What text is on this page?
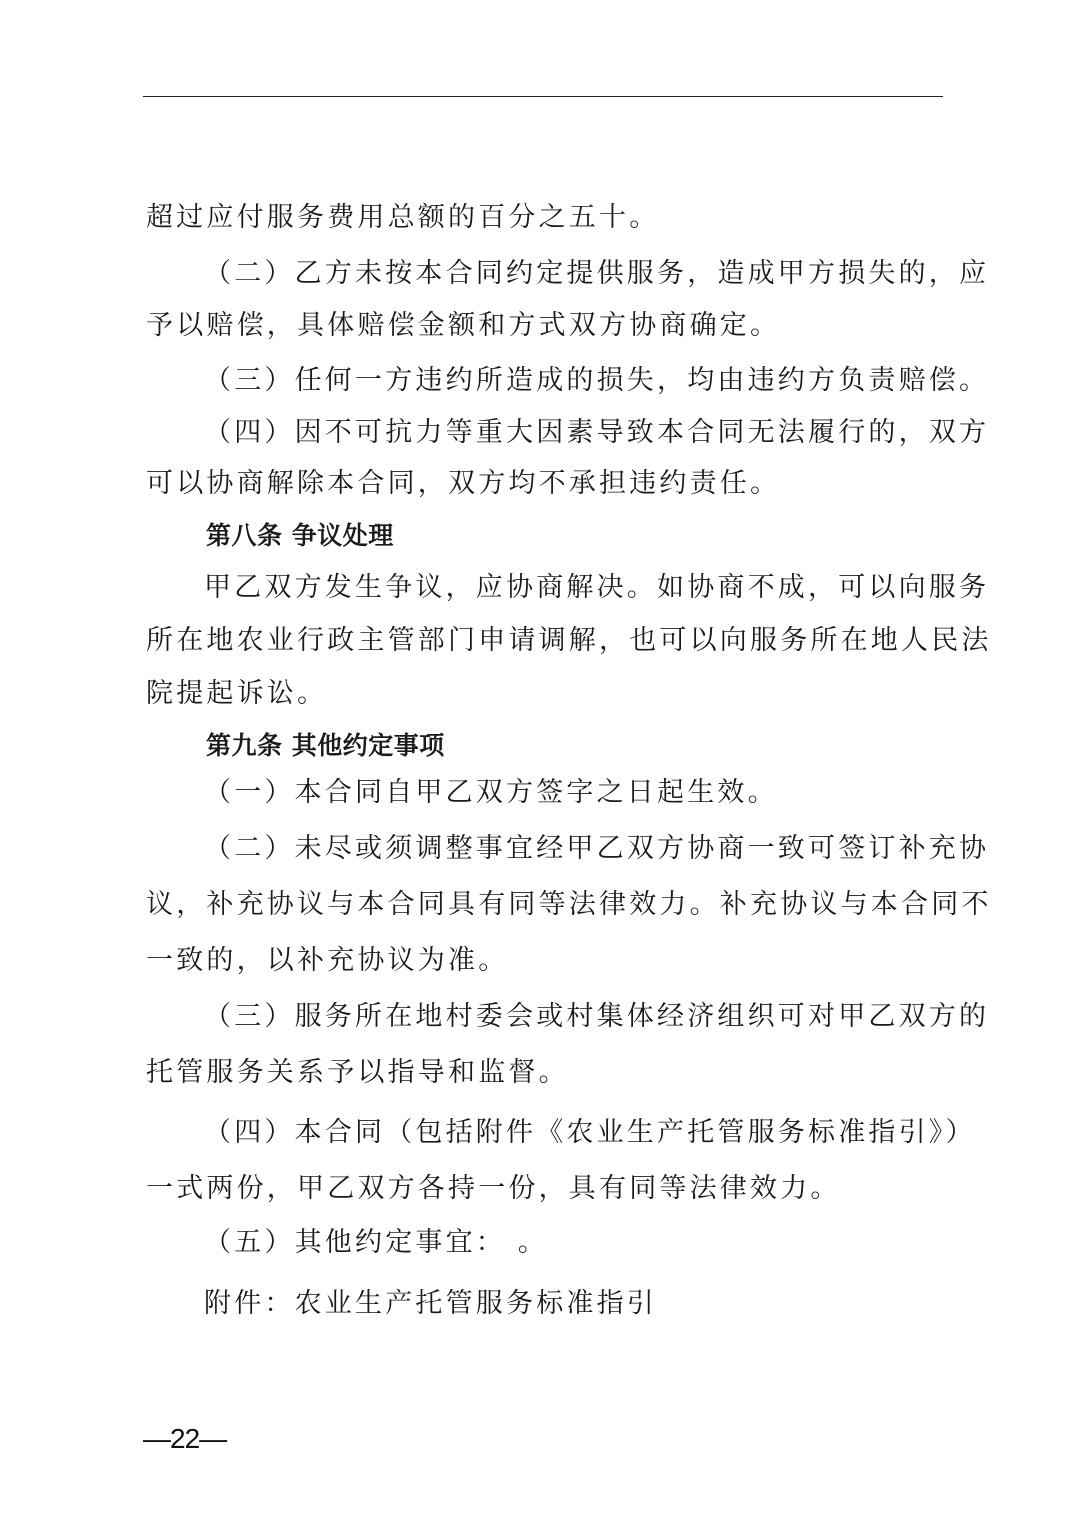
超过应付服务费用总额的百分之五十。
（二）乙方未按本合同约定提供服务，造成甲方损失的，应
予以赔偿，具体赔偿金额和方式双方协商确定。
（三）任何一方违约所造成的损失，均由违约方负责赔偿。
（四）因不可抗力等重大因素导致本合同无法履行的，双方
可以协商解除本合同，双方均不承担违约责任。
第八条 争议处理
甲乙双方发生争议，应协商解决。如协商不成，可以向服务
所在地农业行政主管部门申请调解，也可以向服务所在地人民法
院提起诉讼。
第九条 其他约定事项
（一）本合同自甲乙双方签字之日起生效。
（二）未尽或须调整事宜经甲乙双方协商一致可签订补充协
议，补充协议与本合同具有同等法律效力。补充协议与本合同不
一致的，以补充协议为准。
（三）服务所在地村委会或村集体经济组织可对甲乙双方的
托管服务关系予以指导和监督。
（四）本合同（包括附件《农业生产托管服务标准指引》）
一式两份，甲乙双方各持一份，具有同等法律效力。
（五）其他约定事宜： 。
附件：农业生产托管服务标准指引
—22—
